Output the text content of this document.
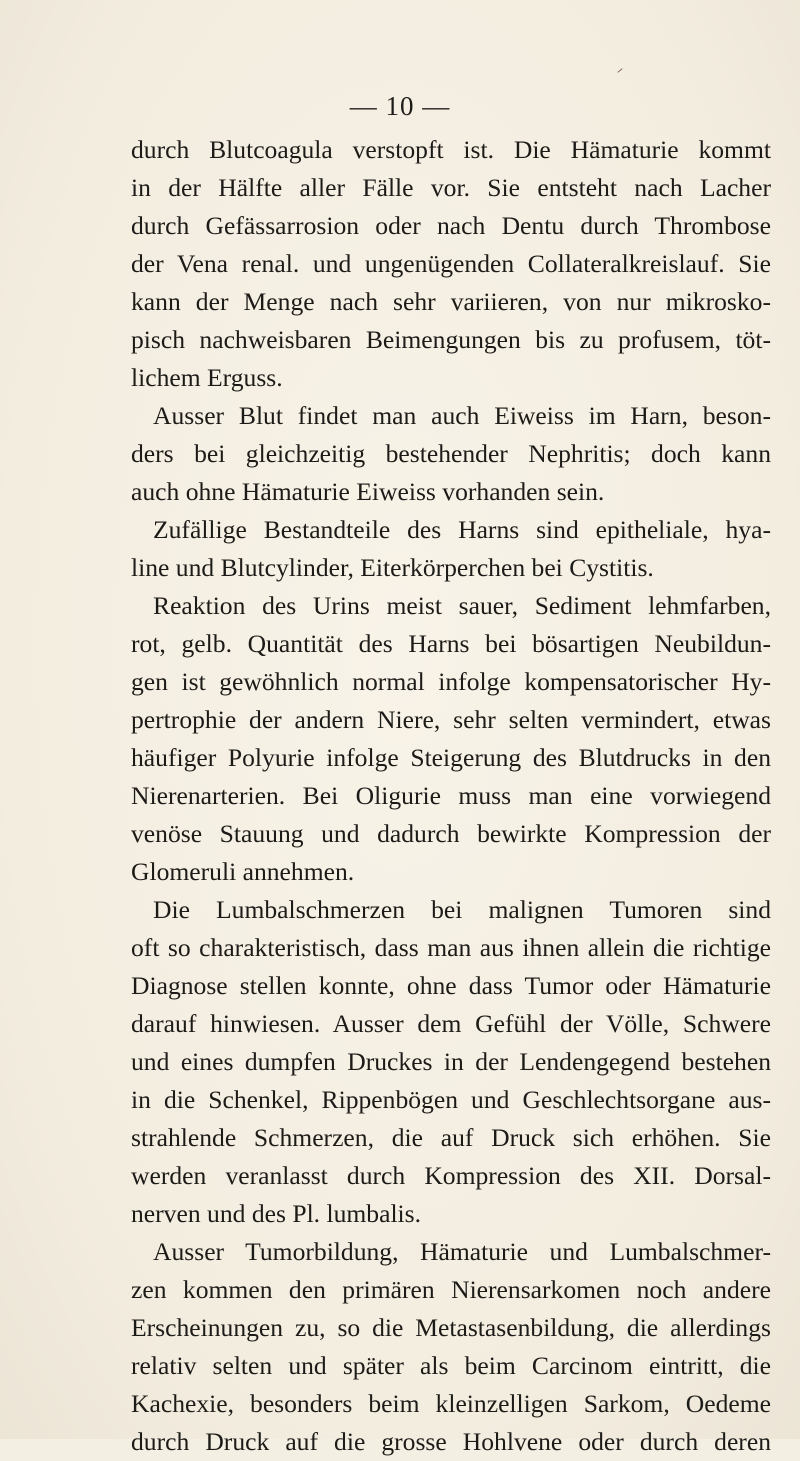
— 10 —
durch Blutcoagula verstopft ist. Die Hämaturie kommt
in der Hälfte aller Fälle vor. Sie entsteht nach Lacher
durch Gefässarrosion oder nach Dentu durch Thrombose
der Vena renal. und ungenügenden Collateralkreislauf. Sie
kann der Menge nach sehr variieren, von nur mikrosko-
pisch nachweisbaren Beimengungen bis zu profusem, töt-
lichem Erguss.
Ausser Blut findet man auch Eiweiss im Harn, beson-
ders bei gleichzeitig bestehender Nephritis; doch kann
auch ohne Hämaturie Eiweiss vorhanden sein.
Zufällige Bestandteile des Harns sind epitheliale, hya-
line und Blutcylinder, Eiterkörperchen bei Cystitis.
Reaktion des Urins meist sauer, Sediment lehmfarben,
rot, gelb. Quantität des Harns bei bösartigen Neubildun-
gen ist gewöhnlich normal infolge kompensatorischer Hy-
pertrophie der andern Niere, sehr selten vermindert, etwas
häufiger Polyurie infolge Steigerung des Blutdrucks in den
Nierenarterien. Bei Oligurie muss man eine vorwiegend
venöse Stauung und dadurch bewirkte Kompression der
Glomeruli annehmen.
Die Lumbalschmerzen bei malignen Tumoren sind
oft so charakteristisch, dass man aus ihnen allein die richtige
Diagnose stellen konnte, ohne dass Tumor oder Hämaturie
darauf hinwiesen. Ausser dem Gefühl der Völle, Schwere
und eines dumpfen Druckes in der Lendengegend bestehen
in die Schenkel, Rippenbögen und Geschlechtsorgane aus-
strahlende Schmerzen, die auf Druck sich erhöhen. Sie
werden veranlasst durch Kompression des XII. Dorsal-
nerven und des Pl. lumbalis.
Ausser Tumorbildung, Hämaturie und Lumbalschmer-
zen kommen den primären Nierensarkomen noch andere
Erscheinungen zu, so die Metastasenbildung, die allerdings
relativ selten und später als beim Carcinom eintritt, die
Kachexie, besonders beim kleinzelligen Sarkom, Oedeme
durch Druck auf die grosse Hohlvene oder durch deren
